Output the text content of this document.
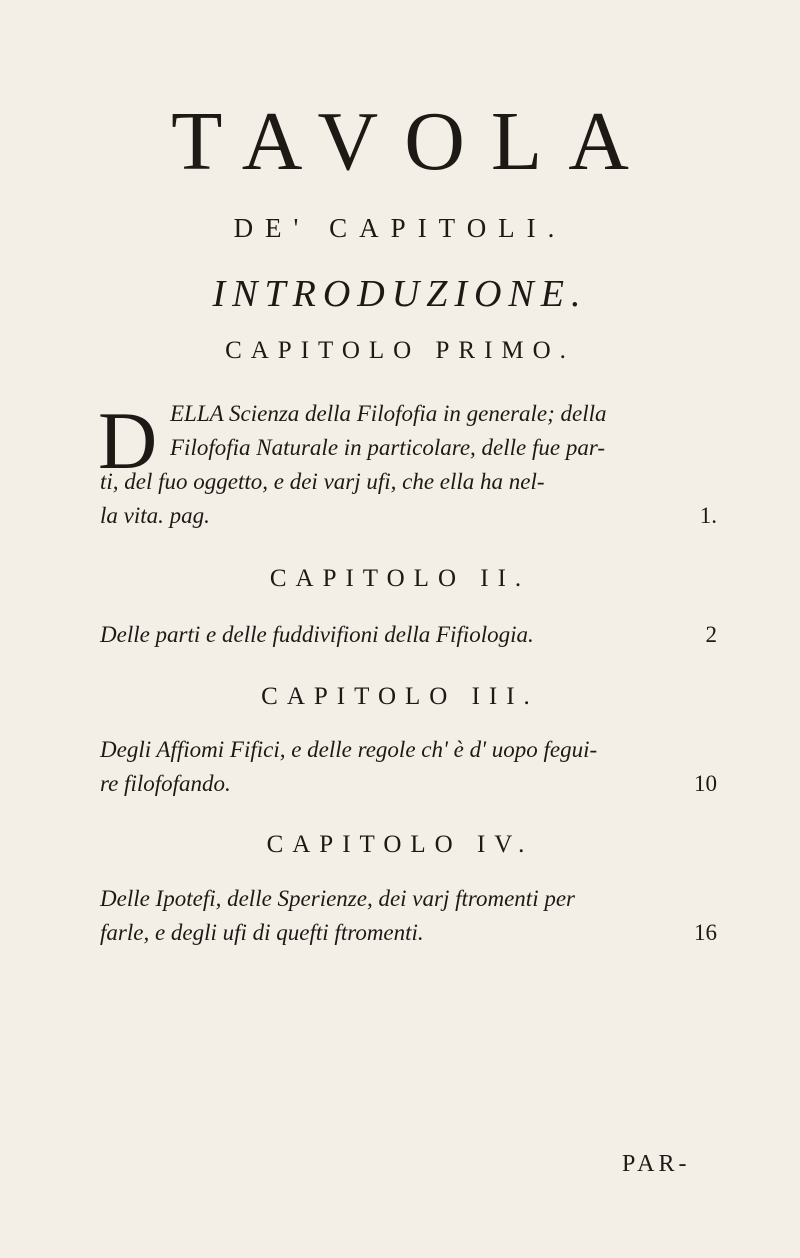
TAVOLA
DE' CAPITOLI.
INTRODUZIONE.
CAPITOLO PRIMO.
D ELLA Scienza della Filofofia in generale; della
Filofofia Naturale in particolare, delle fue par-
ti, del fuo oggetto, e dei varj ufi, che ella ha nel-
la vita. pag.	1.
CAPITOLO II.
Delle parti e delle fuddivifioni della Fifiologia.	2
CAPITOLO III.
Degli Affiomi Fifici, e delle regole ch' è d' uopo fegui-
re filofofando.	10
CAPITOLO IV.
Delle Ipotefi, delle Sperienze, dei varj ftromenti per
farle, e degli ufi di quefti ftromenti.	16
PAR-
